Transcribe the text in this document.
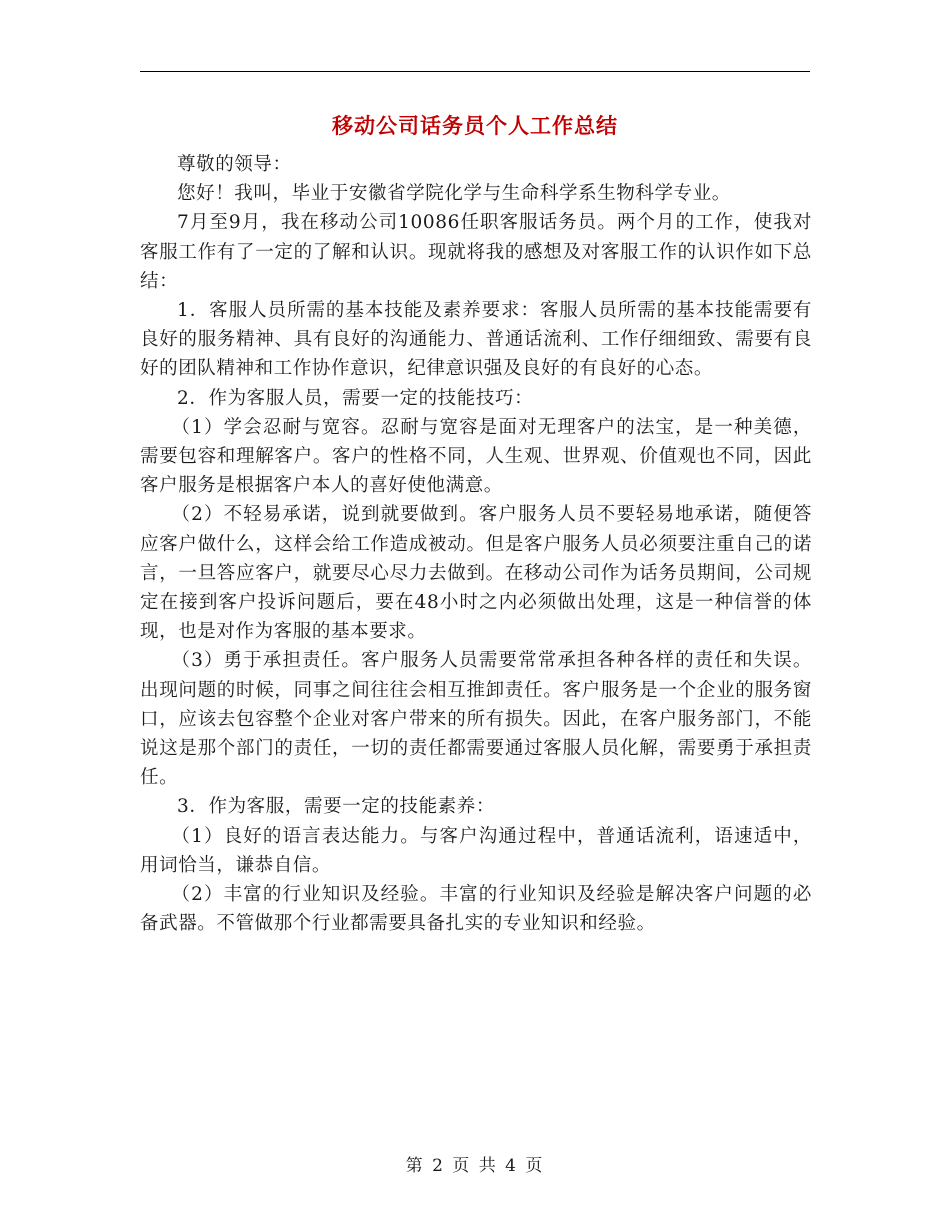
移动公司话务员个人工作总结

尊敬的领导：

您好！我叫，毕业于安徽省学院化学与生命科学系生物科学专业。

7月至9月，我在移动公司10086任职客服话务员。两个月的工作，使我对客服工作有了一定的了解和认识。现就将我的感想及对客服工作的认识作如下总结：

1．客服人员所需的基本技能及素养要求：客服人员所需的基本技能需要有良好的服务精神、具有良好的沟通能力、普通话流利、工作仔细细致、需要有良好的团队精神和工作协作意识，纪律意识强及良好的有良好的心态。

2．作为客服人员，需要一定的技能技巧：

（1）学会忍耐与宽容。忍耐与宽容是面对无理客户的法宝，是一种美德，需要包容和理解客户。客户的性格不同，人生观、世界观、价值观也不同，因此客户服务是根据客户本人的喜好使他满意。

（2）不轻易承诺，说到就要做到。客户服务人员不要轻易地承诺，随便答应客户做什么，这样会给工作造成被动。但是客户服务人员必须要注重自己的诺言，一旦答应客户，就要尽心尽力去做到。在移动公司作为话务员期间，公司规定在接到客户投诉问题后，要在48小时之内必须做出处理，这是一种信誉的体现，也是对作为客服的基本要求。

（3）勇于承担责任。客户服务人员需要常常承担各种各样的责任和失误。出现问题的时候，同事之间往往会相互推卸责任。客户服务是一个企业的服务窗口，应该去包容整个企业对客户带来的所有损失。因此，在客户服务部门，不能说这是那个部门的责任，一切的责任都需要通过客服人员化解，需要勇于承担责任。

3．作为客服，需要一定的技能素养：

（1）良好的语言表达能力。与客户沟通过程中，普通话流利，语速适中，用词恰当，谦恭自信。

（2）丰富的行业知识及经验。丰富的行业知识及经验是解决客户问题的必备武器。不管做那个行业都需要具备扎实的专业知识和经验。

第 2 页 共 4 页
